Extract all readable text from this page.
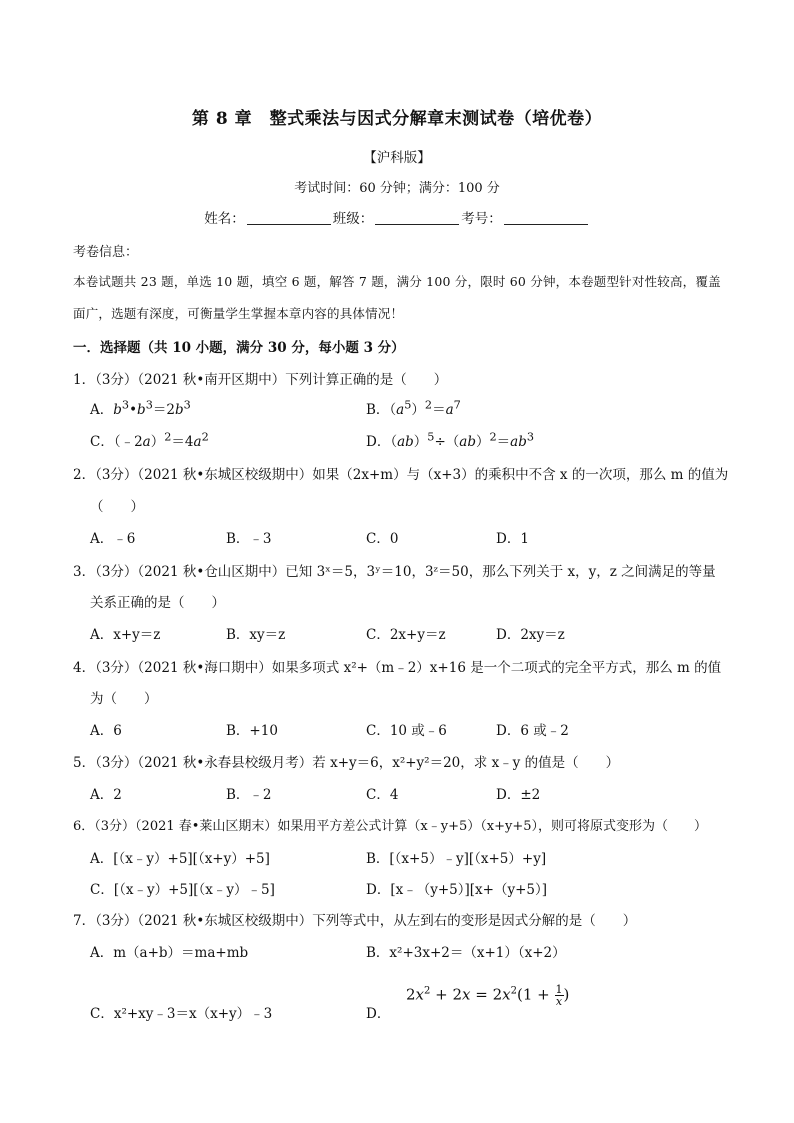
第 8 章　整式乘法与因式分解章末测试卷（培优卷）
【沪科版】
考试时间：60 分钟；满分：100 分
姓名：	班级：	考号：
考卷信息：
本卷试题共 23 题，单选 10 题，填空 6 题，解答 7 题，满分 100 分，限时 60 分钟，本卷题型针对性较高，覆盖面广，选题有深度，可衡量学生掌握本章内容的具体情况！
一．选择题（共 10 小题，满分 30 分，每小题 3 分）
1．（3分）（2021 秋•南开区期中）下列计算正确的是（　　）
A．$b^3•b^3=2b^3$	B．$(a^5)^2=a^7$
C．$(﹣2a)^2=4a^2$	D．$(ab)^5\div(ab)^2=ab^3$
2．（3分）（2021 秋•东城区校级期中）如果（2x+m）与（x+3）的乘积中不含 x 的一次项，那么 m 的值为
（　　）
A．﹣6	B．﹣3	C．0	D．1
3．（3分）（2021 秋•仓山区期中）已知 3ˣ＝5，3ʸ＝10，3ᶻ＝50，那么下列关于 x，y，z 之间满足的等量
关系正确的是（　　）
A．x+y＝z	B．xy＝z	C．2x+y＝z	D．2xy＝z
4．（3分）（2021 秋•海口期中）如果多项式 x²+（m﹣2）x+16 是一个二项式的完全平方式，那么 m 的值
为（　　）
A．6	B．+10	C．10 或﹣6	D．6 或﹣2
5．（3分）（2021 秋•永春县校级月考）若 x+y＝6，x²+y²＝20，求 x﹣y 的值是（　　）
A．2	B．﹣2	C．4	D．±2
6．（3分）（2021 春•莱山区期末）如果用平方差公式计算（x﹣y+5）（x+y+5），则可将原式变形为（　　）
A．[（x﹣y）+5][（x+y）+5]	B．[（x+5）﹣y][（x+5）+y]
C．[（x﹣y）+5][（x﹣y）﹣5]	D．[x﹣（y+5）][x+（y+5）]
7．（3分）（2021 秋•东城区校级期中）下列等式中，从左到右的变形是因式分解的是（　　）
A．m（a+b）＝ma+mb	B．x²+3x+2＝（x+1）（x+2）
C．x²+xy﹣3＝x（x+y）﹣3	D．
$2x^2 + 2x = 2x^2(1 + \frac{1}{x}$ )
